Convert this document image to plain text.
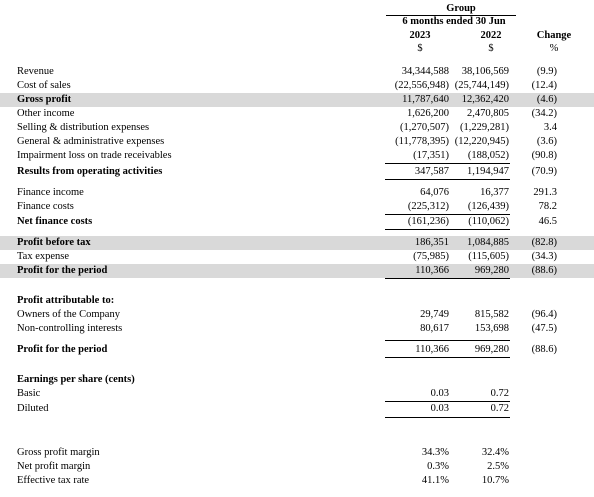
Group
6 months ended 30 Jun
2023	2022	Change
$	$	%
Revenue	34,344,588 38,106,569	(9.9)
Cost of sales	(22,556,948) (25,744,149) (12.4)
Gross profit	11,787,640 12,362,420	(4.6)
Other income	1,626,200 2,470,805 (34.2)
Selling & distribution expenses	(1,270,507) (1,229,281)	3.4
General & administrative expenses	(11,778,395) (12,220,945)	(3.6)
Impairment loss on trade receivables	(17,351) (188,052) (90.8)
Results from operating activities	347,587 1,194,947 (70.9)
Finance income	64,076	16,377 291.3
Finance costs	(225,312) (126,439)	78.2
Net finance costs	(161,236) (110,062)	46.5
Profit before tax	186,351 1,084,885 (82.8)
Tax expense	(75,985) (115,605) (34.3)
Profit for the period	110,366 969,280 (88.6)
Profit attributable to:
Owners of the Company	29,749 815,582 (96.4)
Non-controlling interests	80,617 153,698 (47.5)
Profit for the period	110,366 969,280 (88.6)
Earnings per share (cents)
Basic	0.03	0.72
Diluted	0.03	0.72
Gross profit margin	34.3%	32.4%
Net profit margin	0.3%	2.5%
Effective tax rate	41.1%	10.7%
